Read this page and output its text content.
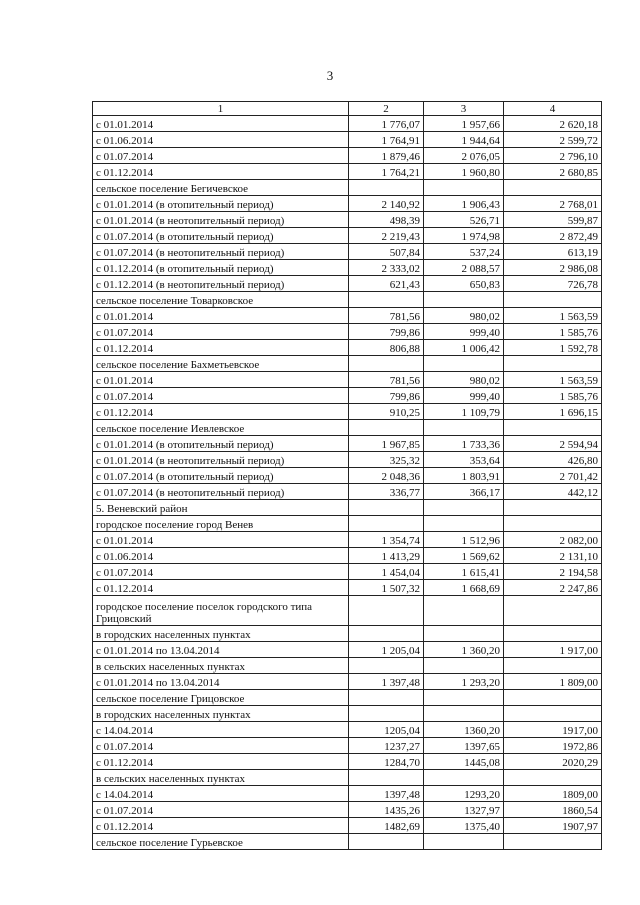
3
1	2	3	4
с 01.01.2014	1 776,07	1 957,66	2 620,18
с 01.06.2014	1 764,91	1 944,64	2 599,72
с 01.07.2014	1 879,46	2 076,05	2 796,10
с 01.12.2014	1 764,21	1 960,80	2 680,85
сельское поселение Бегичевское			
с 01.01.2014 (в отопительный период)	2 140,92	1 906,43	2 768,01
с 01.01.2014 (в неотопительный период)	498,39	526,71	599,87
с 01.07.2014 (в отопительный период)	2 219,43	1 974,98	2 872,49
с 01.07.2014 (в неотопительный период)	507,84	537,24	613,19
с 01.12.2014 (в отопительный период)	2 333,02	2 088,57	2 986,08
с 01.12.2014 (в неотопительный период)	621,43	650,83	726,78
сельское поселение Товарковское			
с 01.01.2014	781,56	980,02	1 563,59
с 01.07.2014	799,86	999,40	1 585,76
с 01.12.2014	806,88	1 006,42	1 592,78
сельское поселение Бахметьевское			
с 01.01.2014	781,56	980,02	1 563,59
с 01.07.2014	799,86	999,40	1 585,76
с 01.12.2014	910,25	1 109,79	1 696,15
сельское поселение Иевлевское			
с 01.01.2014 (в отопительный период)	1 967,85	1 733,36	2 594,94
с 01.01.2014 (в неотопительный период)	325,32	353,64	426,80
с 01.07.2014 (в отопительный период)	2 048,36	1 803,91	2 701,42
с 01.07.2014 (в неотопительный период)	336,77	366,17	442,12
5. Веневский район			
городское поселение город Венев			
с 01.01.2014	1 354,74	1 512,96	2 082,00
с 01.06.2014	1 413,29	1 569,62	2 131,10
с 01.07.2014	1 454,04	1 615,41	2 194,58
с 01.12.2014	1 507,32	1 668,69	2 247,86
городское поселение поселок городского типа Грицовский			
в городских населенных пунктах			
с 01.01.2014 по 13.04.2014	1 205,04	1 360,20	1 917,00
в сельских населенных пунктах			
с 01.01.2014 по 13.04.2014	1 397,48	1 293,20	1 809,00
сельское поселение Грицовское			
в городских населенных пунктах			
с 14.04.2014	1205,04	1360,20	1917,00
с 01.07.2014	1237,27	1397,65	1972,86
с 01.12.2014	1284,70	1445,08	2020,29
в сельских населенных пунктах			
с 14.04.2014	1397,48	1293,20	1809,00
с 01.07.2014	1435,26	1327,97	1860,54
с 01.12.2014	1482,69	1375,40	1907,97
сельское поселение Гурьевское			
